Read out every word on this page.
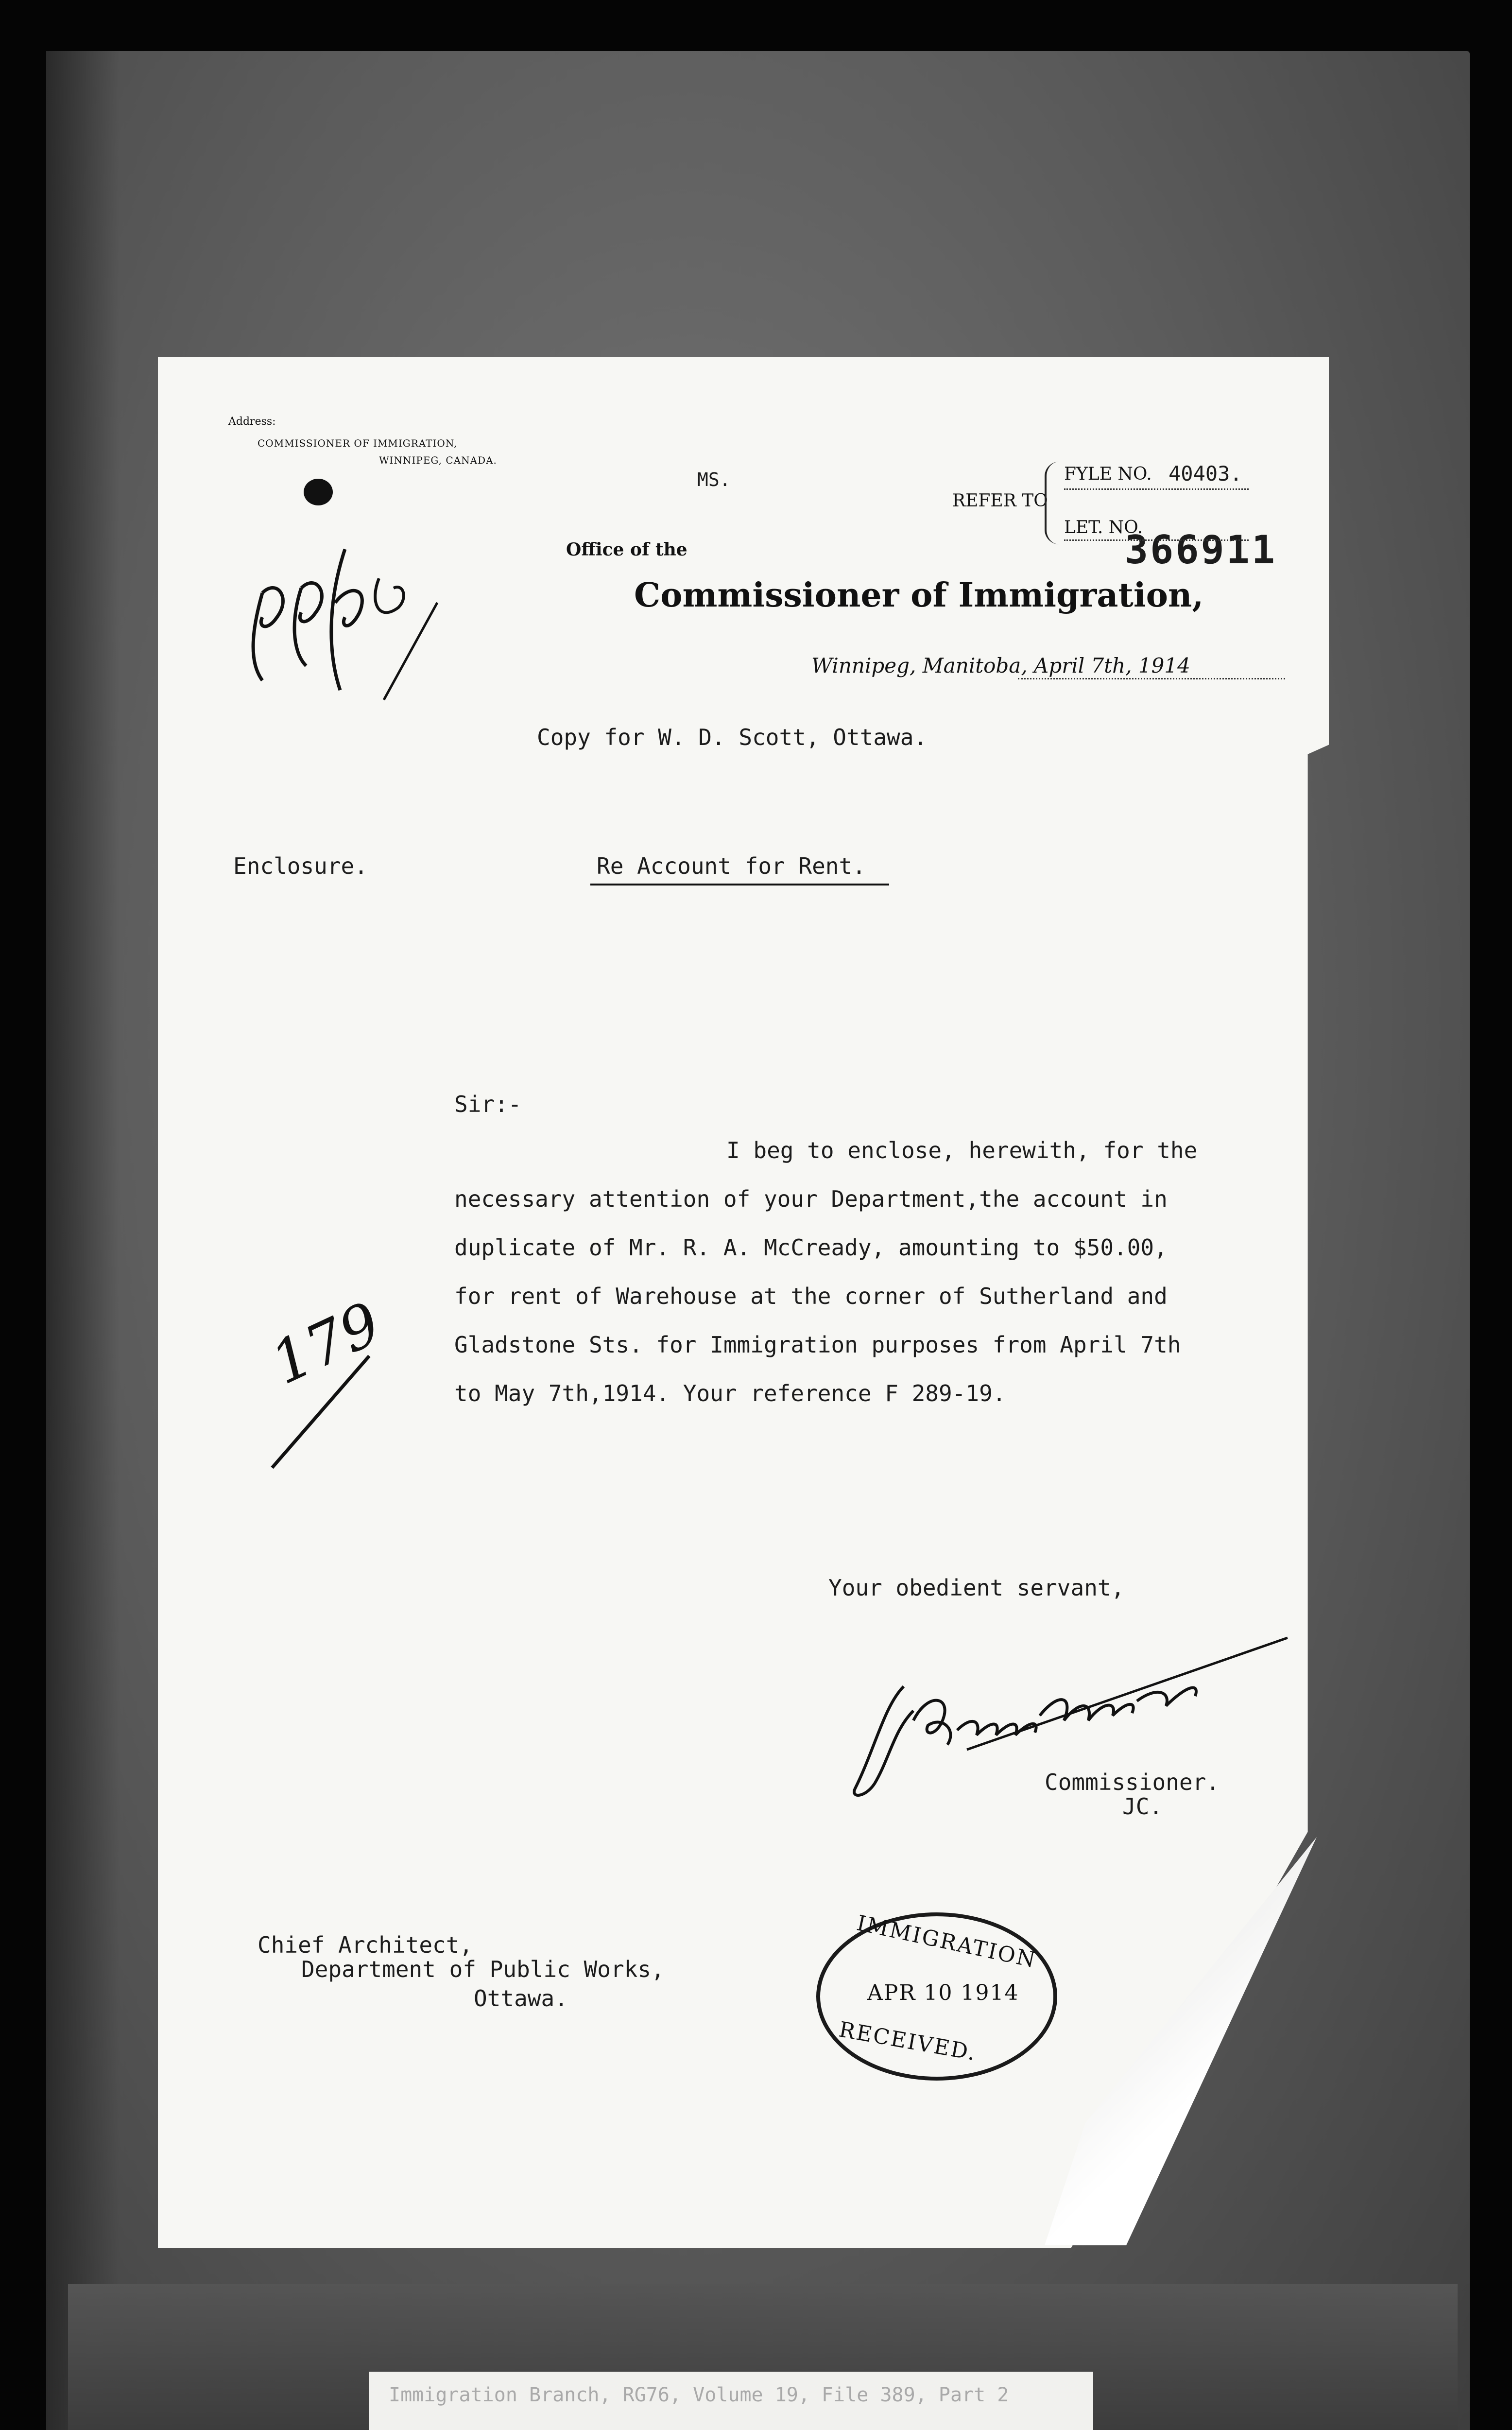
Address:
COMMISSIONER OF IMMIGRATION,
WINNIPEG, CANADA.
MS.
REFER TO
FYLE NO. 40403.
LET. NO.
366911
Office of the
Commissioner of Immigration,
Winnipeg, Manitoba, April 7th, 1914
Copy for W. D. Scott, Ottawa.
Enclosure.	Re Account for Rent.
Sir:-
I beg to enclose, herewith, for the
necessary attention of your Department,the account in
duplicate of Mr. R. A. McCready, amounting to $50.00,
for rent of Warehouse at the corner of Sutherland and
Gladstone Sts. for Immigration purposes from April 7th
to May 7th,1914. Your reference F 289-19.
179
Your obedient servant,
Commissioner.
JC.
Chief Architect,
Department of Public Works,
Ottawa.
IMMIGRATION
APR 10 1914
RECEIVED.
Immigration Branch, RG76, Volume 19, File 389, Part 2
